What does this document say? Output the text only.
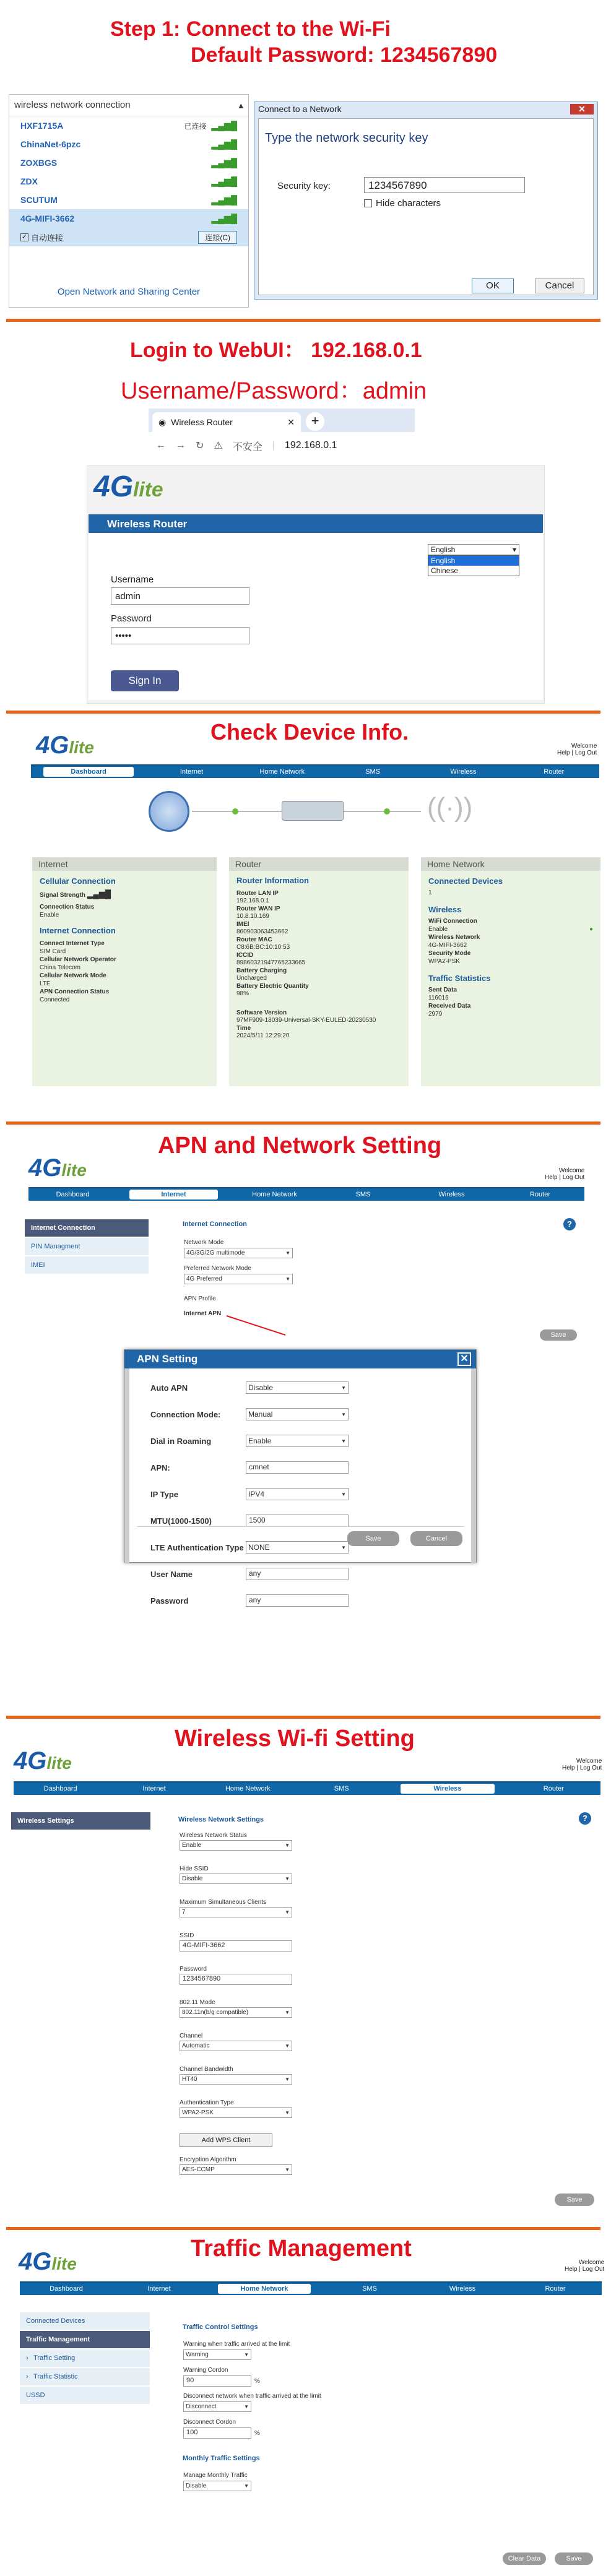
Step 1: Connect to the Wi-Fi
Default Password: 1234567890
wireless network connection	▴
HXF1715A	已连接 ▂▄▆█
ChinaNet-6pzc	▂▄▆█
ZOXBGS	▂▄▆█
ZDX	▂▄▆█
SCUTUM	▂▄▆█
4G-MIFI-3662	▂▄▆█
✓ 自动连接	连接(C)
Open Network and Sharing Center
Connect to a Network	✕
Type the network security key
Security key:	1234567890
Hide characters
OK	Cancel
Login to WebUI： 192.168.0.1
Username/Password：admin
◉ Wireless Router	✕	+
← → ↻ ⚠ 不安全 | 192.168.0.1
4Glite
Wireless Router
English	▾
English
Chinese
Username
admin
Password
•••••
Sign In
Check Device Info.
4Glite	Welcome
Help | Log Out
Dashboard	Internet	Home Network	SMS	Wireless	Router
((·))
Internet
Cellular Connection
Signal Strength ▂▄▆█
Connection Status
Enable
Internet Connection
Connect Internet Type
SIM Card
Cellular Network Operator
China Telecom
Cellular Network Mode
LTE
APN Connection Status
Connected
Router
Router Information
Router LAN IP
192.168.0.1
Router WAN IP
10.8.10.169
IMEI
860903063453662
Router MAC
C8:6B:BC:10:10:53
ICCID
89860321947765233665
Battery Charging
Uncharged
Battery Electric Quantity
98%
Software Version
97MF909-18039-Universal-SKY-EULED-20230530
Time
2024/5/11 12:29:20
Home Network
Connected Devices
1
Wireless
WiFi Connection
Enable	●
Wireless Network
4G-MIFI-3662
Security Mode
WPA2-PSK
Traffic Statistics
Sent Data
116016
Received Data
2979
APN and Network Setting
4Glite	Welcome
Help | Log Out
Dashboard	Internet	Home Network	SMS	Wireless	Router
Internet Connection
PIN Managment
IMEI
Internet Connection	?
Network Mode
4G/3G/2G multimode	▼
Preferred Network Mode
4G Preferred	▼
APN Profile
Internet APN
Save
APN Setting	✕
Auto APN	Disable	▼
Connection Mode:	Manual	▼
Dial in Roaming	Enable	▼
APN:	cmnet
IP Type	IPV4	▼
MTU(1000-1500)	1500
LTE Authentication Type NONE	▼
User Name	any
Password	any
Save	Cancel
Wireless Wi-fi Setting
4Glite	Welcome
Help | Log Out
Dashboard	Internet	Home Network	SMS	Wireless	Router
Wireless Settings	Wireless Network Settings	?
Wireless Network Status
Enable	▼
Hide SSID
Disable	▼
Maximum Simultaneous Clients
7	▼
SSID
4G-MIFI-3662
Password
1234567890
802.11 Mode
802.11n(b/g compatible)	▼
Channel
Automatic	▼
Channel Bandwidth
HT40	▼
Authentication Type
WPA2-PSK	▼
Add WPS Client
Encryption Algorithm
AES-CCMP	▼
Save
Traffic Management
4Glite	Welcome
Help | Log Out
Dashboard	Internet	Home Network	SMS	Wireless	Router
Connected Devices
Traffic Management
› Traffic Setting
› Traffic Statistic
USSD
Traffic Control Settings
Warning when traffic arrived at the limit
Warning	▼
Warning Cordon
90	%
Disconnect network when traffic arrived at the limit
Disconnect	▼
Disconnect Cordon
100	%
Monthly Traffic Settings
Manage Monthly Traffic
Disable	▼
Clear Data	Save
